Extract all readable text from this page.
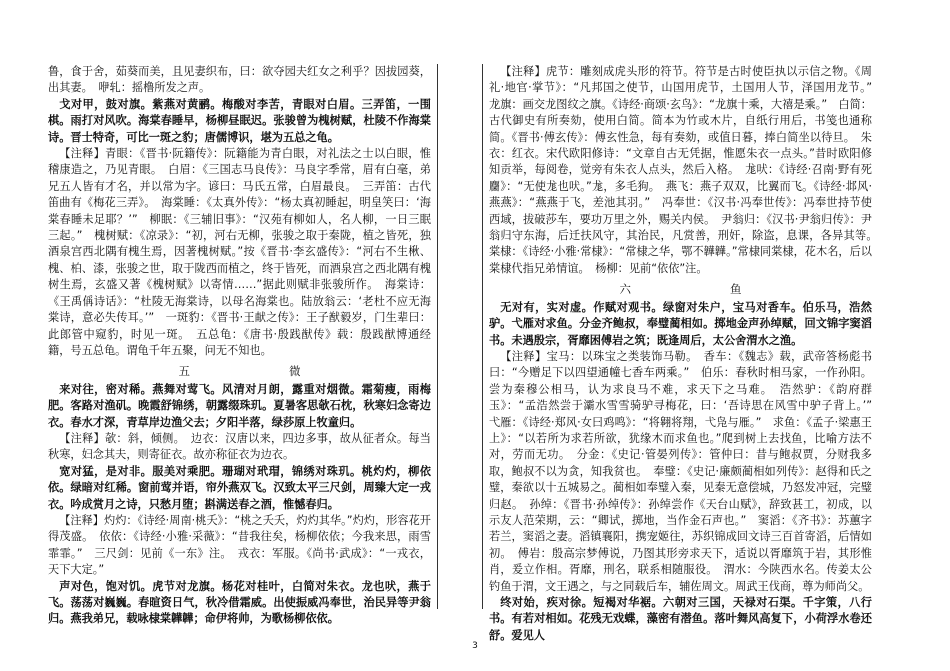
鲁，食于舍，茹葵而美，且见妻织布，曰：欲夺园夫红女之利乎？因拔园葵，出其妻。　咿轧：摇橹所发之声。

戈对甲，鼓对旗。紫燕对黄鹂。梅酸对李苦，青眼对白眉。三弄笛，一围棋。雨打对风吹。海棠春睡早，杨柳昼眠迟。张骏曾为槐树赋，杜陵不作海棠诗。晋士特奇，可比一斑之豹；唐儒博识，堪为五总之龟。

【注释】青眼：《晋书·阮籍传》：阮籍能为青白眼，对礼法之士以白眼，惟稽康造之，乃见青眼。　白眉：《三国志马良传》：马良字季常，眉有白毫，弟兄五人皆有才名，并以常为字。谚曰：马氏五常，白眉最良。　三弄笛：古代笛曲有《梅花三弄》。　海棠睡：《太真外传》：“杨太真初睡起，明皇笑曰：‘海棠春睡未足耶？’”　柳眠：《三辅旧事》：“汉苑有柳如人，名人柳，一日三眠三起。”　槐树赋：《凉录》：“初，河右无柳，张骏之取于秦陇，植之皆死，独酒泉宫西北隅有槐生焉，因著槐树赋。”按《晋书·李玄盛传》：“河右不生楸、槐、柏、漆，张骏之世，取于陇西而植之，终于皆死，而酒泉宫之西北隅有槐树生焉，玄盛又著《槐树赋》以寄情……”据此则赋非张骏所作。　海棠诗：《王禹偁诗话》：“杜陵无海棠诗，以母名海棠也。陆放翁云：‘老杜不应无海棠诗，意必失传耳。’”　一斑豹：《晋书·王献之传》：王子猷毅岁，门生辈曰：此郎管中窥豹，时见一斑。　五总龟：《唐书·殷践猷传》载：殷践猷博通经籍，号五总龟。谓龟千年五聚，问无不知也。

五　　微

来对往，密对稀。燕舞对莺飞。风清对月朗，露重对烟微。霜菊瘦，雨梅肥。客路对渔矶。晚霞舒锦绣，朝露缀珠玑。夏暑客思欹石枕，秋寒妇念寄边衣。春水才深，青草岸边渔父去；夕阳半落，绿莎原上牧童归。

【注释】欹：斜，倾侧。　边衣：汉唐以来，四边多事，故从征者众。每当秋寒，妇念其夫，则寄征衣。故亦称征衣为边衣。

宽对猛，是对非。服美对乘肥。珊瑚对玳瑁，锦绣对珠玑。桃灼灼，柳依依。绿暗对红稀。窗前莺并语，帘外燕双飞。汉致太平三尺剑，周臻大定一戎衣。吟成赏月之诗，只愁月堕；斟满送春之酒，惟憾春归。

【注释】灼灼：《诗经·周南·桃夭》：“桃之夭夭，灼灼其华。”灼灼，形容花开得茂盛。　依依：《诗经·小雅·采薇》：“昔我往矣，杨柳依依；今我来思，雨雪霏霏。”　三尺剑：见前《一东》注。　戎衣：军服。《尚书·武成》：“一戎衣，天下大定。”

声对色，饱对饥。虎节对龙旗。杨花对桂叶，白简对朱衣。龙也吠，燕于飞。荡荡对巍巍。春暄资日气，秋冷借霜威。出使振威冯奉世，治民异等尹翁归。燕我弟兄，载咏棣棠韡韡；命伊将帅，为歌杨柳依依。

【注释】虎节：雕刻成虎头形的符节。符节是古时使臣执以示信之物。《周礼·地官·掌节》：“凡邦国之使节，山国用虎节，土国用人节，泽国用龙节。”　龙旗：画交龙图纹之旗。《诗经·商颂·玄鸟》：“龙旗十乘，大禧是乘。”　白简：古代御史有所奏劾，使用白简。简本为竹或木片，自纸行用后，书笺也通称简。《晋书·傅玄传》：傅玄性急，每有奏劾，或值日暮，捧白简坐以待旦。　朱衣：红衣。宋代欧阳修诗：“文章自古无凭据，惟愿朱衣一点头。”昔时欧阳修知贡举，每阅卷，觉旁有朱衣人点头，然后入格。　尨吠：《诗经·召南·野有死麕》：“无使尨也吠。”尨，多毛狗。　燕飞：燕子双双，比翼而飞。《诗经·邶风·燕燕》：“燕燕于飞，差池其羽。”　冯奉世：《汉书·冯奉世传》：冯奉世持节使西域，拔破莎车，要功万里之外，赐关内侯。　尹翁归：《汉书·尹翁归传》：尹翁归守东海，后迁扶风守，其治民，凡赏善，刑奸，除盗，息课，各异其等。　棠棣：《诗经·小雅·常棣》：“常棣之华，鄂不韡韡。”常棣同棠棣，花木名，后以棠棣代指兄弟情谊。　杨柳：见前“依依”注。

六　　鱼

无对有，实对虚。作赋对观书。绿窗对朱户，宝马对香车。伯乐马，浩然驴。弋雁对求鱼。分金齐鲍叔，奉璧蔺相如。掷地金声孙绰赋，回文锦字窦滔书。未遇殷宗，胥靡困傅岩之筑；既逢周后，太公舍渭水之渔。

【注释】宝马：以珠宝之类装饰马勒。　香车：《魏志》载，武帝答杨彪书曰：“今赠足下以四望通幢七香车两乘。”　伯乐：春秋时相马家，一作孙阳。尝为秦穆公相马，认为求良马不难，求天下之马难。　浩然驴：《韵府群玉》：“孟浩然尝于灞水雪雪骑驴寻梅花，曰：‘吾诗思在风雪中驴子背上。’”　弋雁：《诗经·郑风·女曰鸡鸣》：“将翱将翔，弋凫与雁。”　求鱼：《孟子·梁惠王上》：“以若所为求若所欲，犹缘木而求鱼也。”爬到树上去找鱼，比喻方法不对，劳而无功。　分金：《史记·管晏列传》：管仲曰：昔与鲍叔贾，分财我多取，鲍叔不以为贪，知我贫也。　奉璧：《史记·廉颇蔺相如列传》：赵得和氏之璧，秦欲以十五城易之。蔺相如奉璧入秦，见秦无意偿城，乃怒发冲冠，完璧归赵。　孙绰：《晋书·孙绰传》：孙绰尝作《天台山赋》，辞致甚工，初成，以示友人范荣期，云：“卿试，掷地，当作金石声也。”　窦滔：《齐书》：苏蕙字若兰，窦滔之妻。滔镇襄阳，携宠姬往，苏织锦成回文诗三百首寄滔，后情如初。　傅岩：殷高宗梦傅说，乃图其形旁求天下，适说以胥靡筑于岩，其形惟肖，爰立作相。胥靡，刑名，联系相随服役。　渭水：今陕西水名。传姜太公钓鱼于渭，文王遇之，与之同载后车，辅佐周文。周武王伐商，尊为师尚父。

终对始，疾对徐。短褐对华裾。六朝对三国，天禄对石渠。千字策，八行书。有若对相如。花残无戏蝶，藻密有潜鱼。落叶舞风高复下，小荷浮水卷还舒。爱见人

3
